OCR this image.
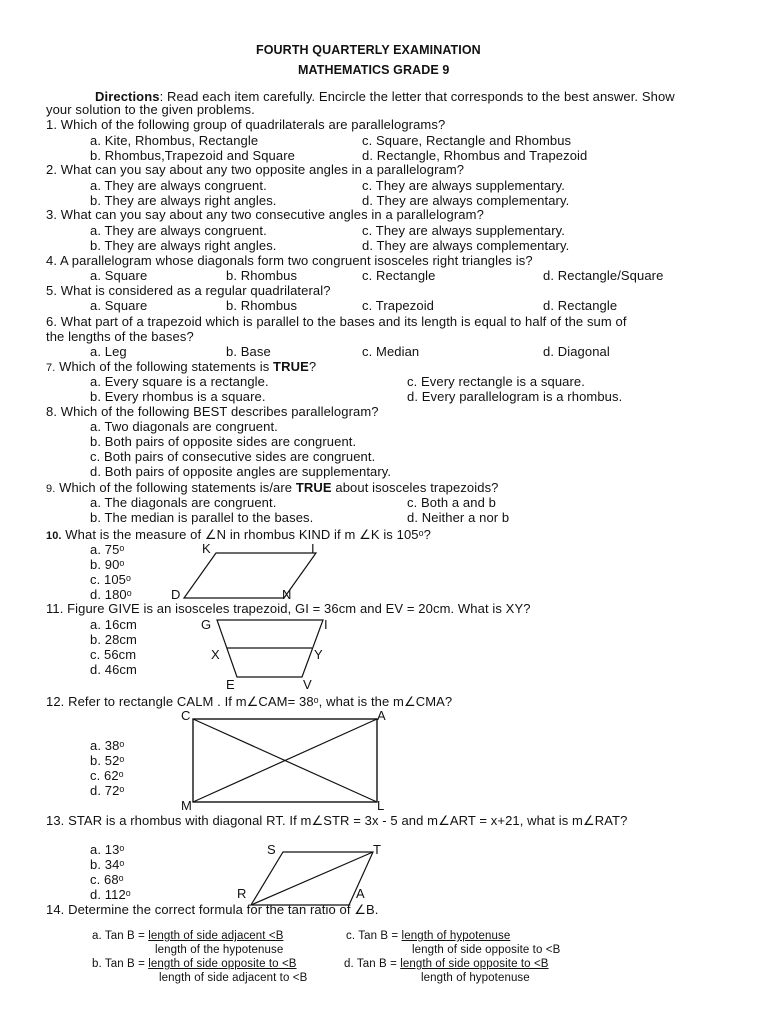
FOURTH QUARTERLY EXAMINATION
MATHEMATICS GRADE 9
Directions: Read each item carefully. Encircle the letter that corresponds to the best answer. Show
your solution to the given problems.
1. Which of the following group of quadrilaterals are parallelograms?
a. Kite, Rhombus, Rectangle	c. Square, Rectangle and Rhombus
b. Rhombus,Trapezoid and Square	d. Rectangle, Rhombus and Trapezoid
2. What can you say about any two opposite angles in a parallelogram?
a. They are always congruent.	c. They are always supplementary.
b. They are always right angles.	d. They are always complementary.
3. What can you say about any two consecutive angles in a parallelogram?
a. They are always congruent.	c. They are always supplementary.
b. They are always right angles.	d. They are always complementary.
4. A parallelogram whose diagonals form two congruent isosceles right triangles is?
a. Square	b. Rhombus	c. Rectangle	d. Rectangle/Square
5. What is considered as a regular quadrilateral?
a. Square	b. Rhombus	c. Trapezoid	d. Rectangle
6. What part of a trapezoid which is parallel to the bases and its length is equal to half of the sum of
the lengths of the bases?
a. Leg	b. Base	c. Median	d. Diagonal
7. Which of the following statements is TRUE?
a. Every square is a rectangle.	c. Every rectangle is a square.
b. Every rhombus is a square.	d. Every parallelogram is a rhombus.
8. Which of the following BEST describes parallelogram?
a. Two diagonals are congruent.
b. Both pairs of opposite sides are congruent.
c. Both pairs of consecutive sides are congruent.
d. Both pairs of opposite angles are supplementary.
9. Which of the following statements is/are TRUE about isosceles trapezoids?
a. The diagonals are congruent.	c. Both a and b
b. The median is parallel to the bases.	d. Neither a nor b
10. What is the measure of ∠N in rhombus KIND if m ∠K is 105ᵒ?
a. 75ᵒ
b. 90ᵒ
c. 105ᵒ
d. 180ᵒ
11. Figure GIVE is an isosceles trapezoid, GI = 36cm and EV = 20cm. What is XY?
a. 16cm
b. 28cm
c. 56cm
d. 46cm
12. Refer to rectangle CALM . If m∠CAM= 38ᵒ, what is the m∠CMA?
a. 38ᵒ
b. 52ᵒ
c. 62ᵒ
d. 72ᵒ
13. STAR is a rhombus with diagonal RT. If m∠STR = 3x - 5 and m∠ART = x+21, what is m∠RAT?
a. 13ᵒ
b. 34ᵒ
c. 68ᵒ
d. 112ᵒ
14. Determine the correct formula for the tan ratio of ∠B.
a. Tan B = length of side adjacent <B
length of the hypotenuse
c. Tan B = length of hypotenuse
length of side opposite to <B
b. Tan B = length of side opposite to <B
length of side adjacent to <B
d. Tan B = length of side opposite to <B
length of hypotenuse
K	I
D	N
G	I
X	Y
E	V
C	A
M	L
S	T
R	A
